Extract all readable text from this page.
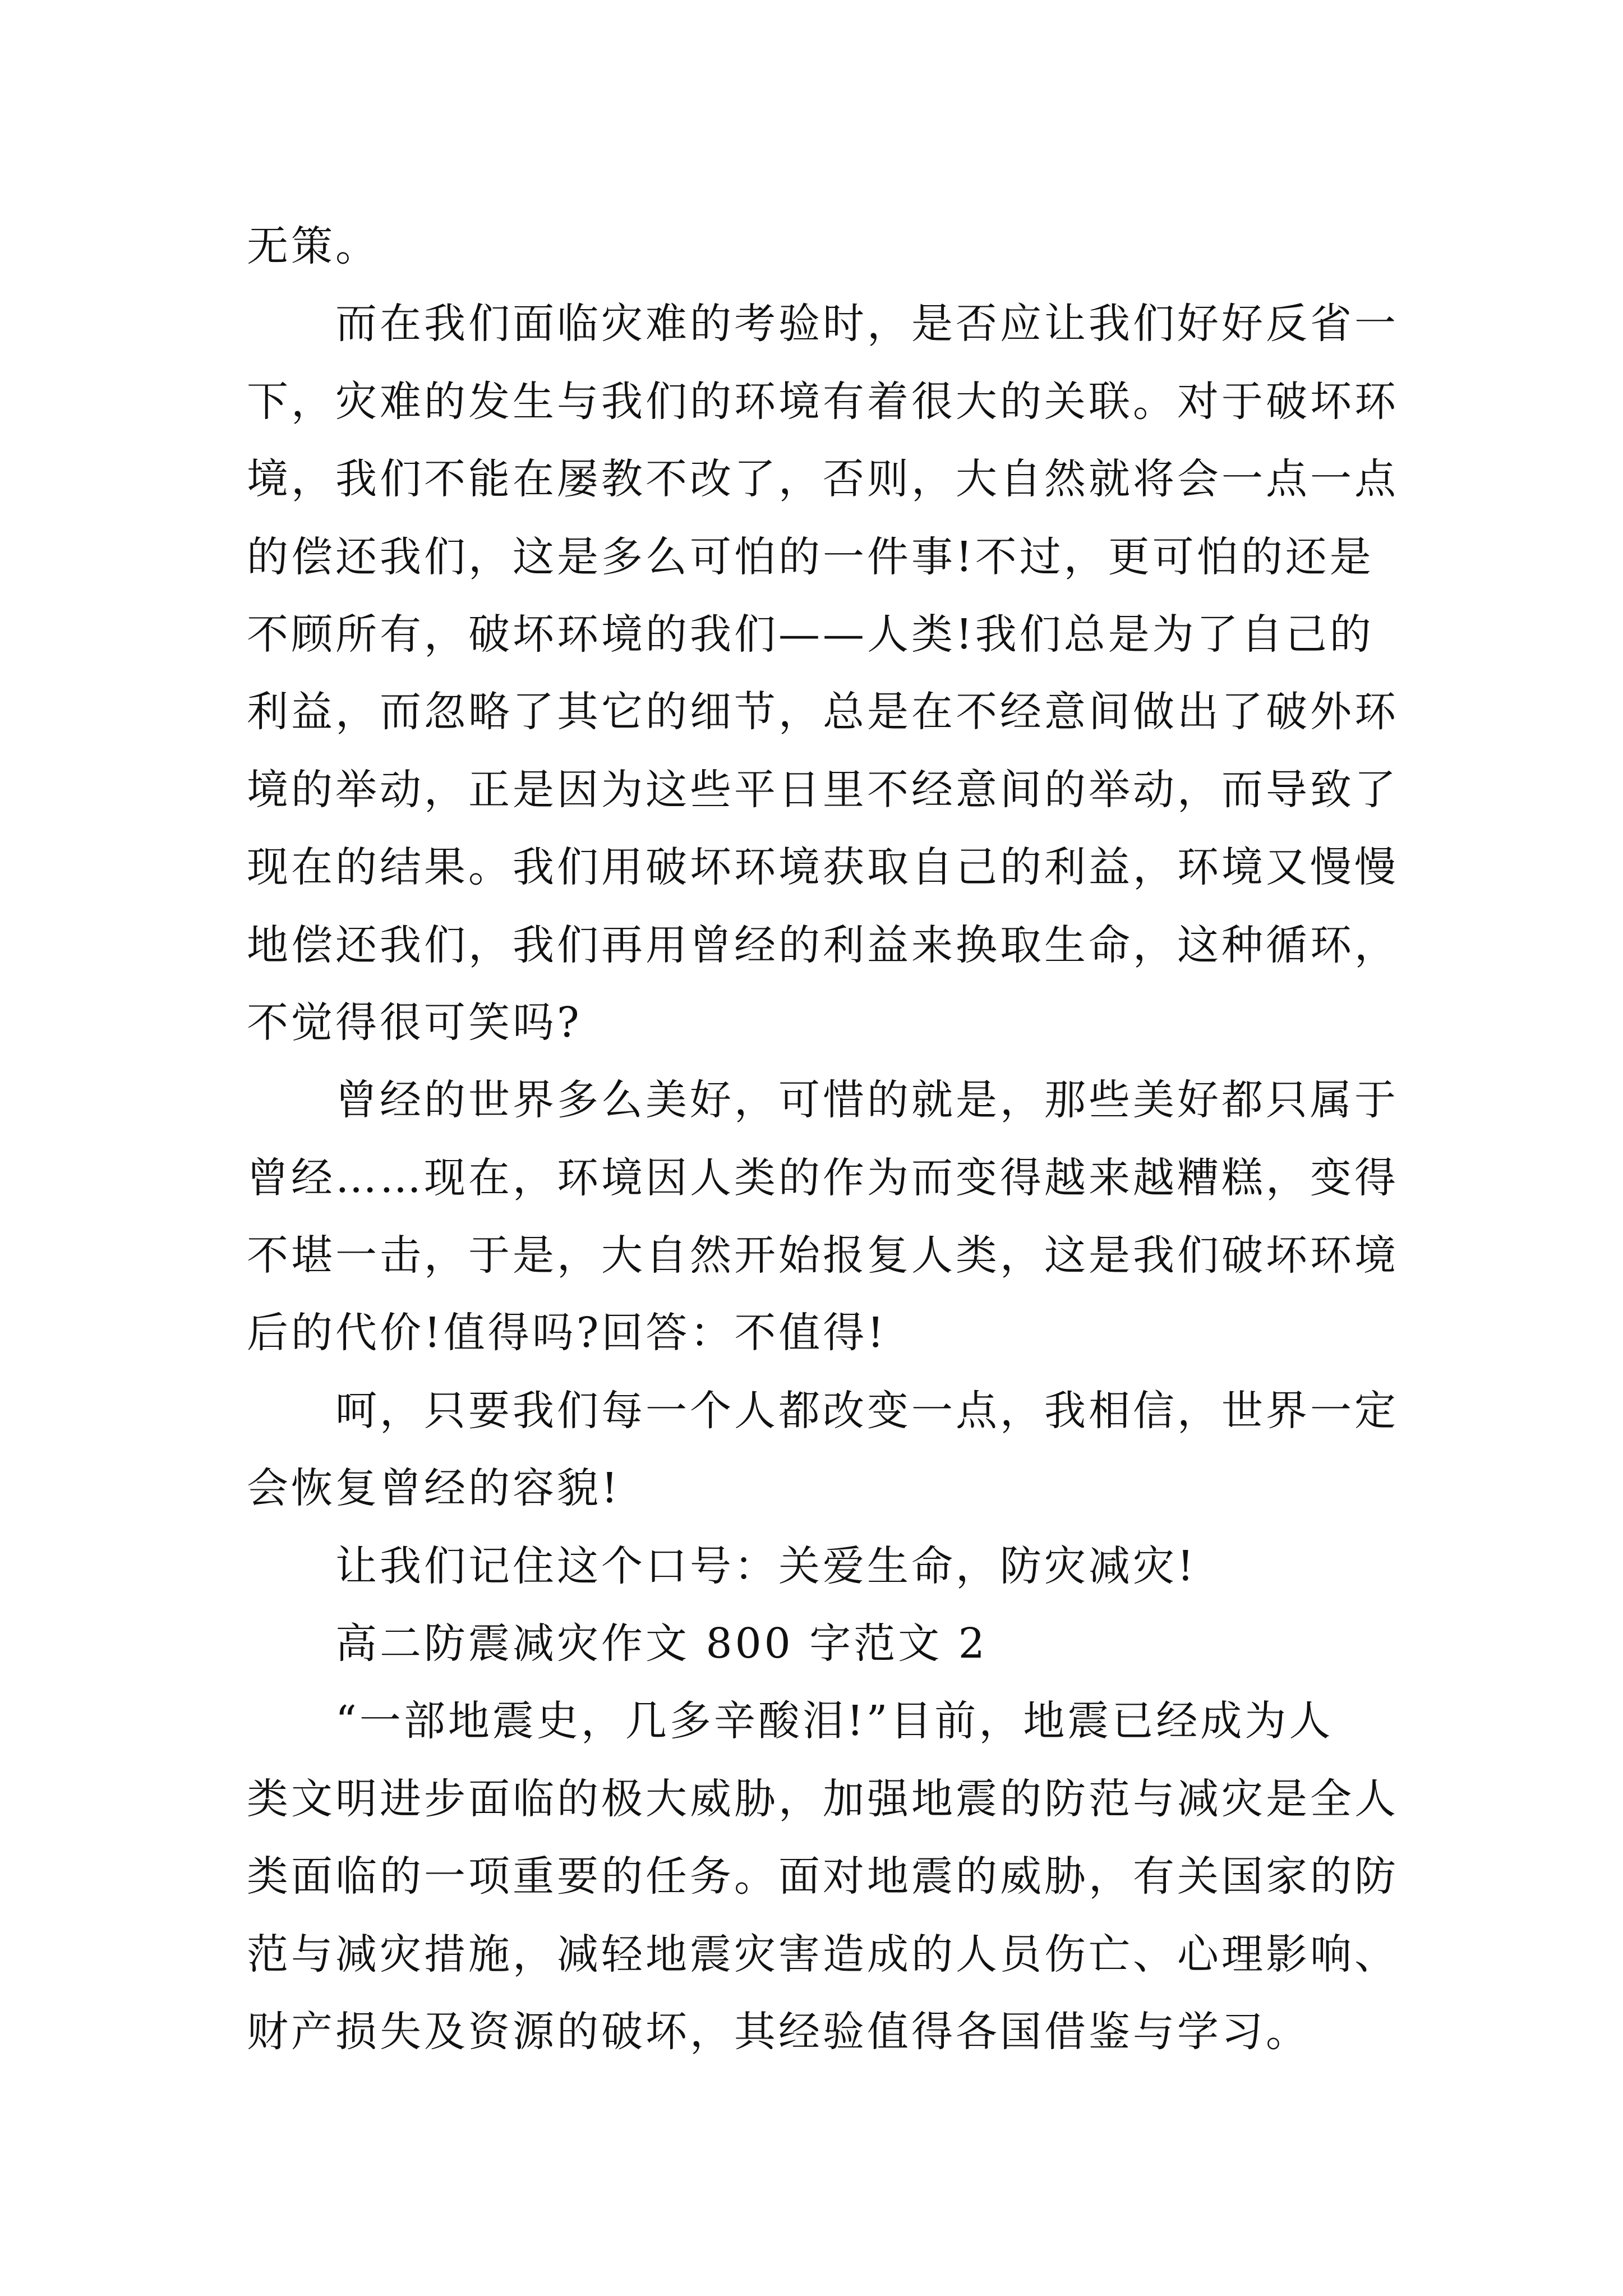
无策。
而在我们面临灾难的考验时，是否应让我们好好反省一
下，灾难的发生与我们的环境有着很大的关联。对于破坏环
境，我们不能在屡教不改了，否则，大自然就将会一点一点
的偿还我们，这是多么可怕的一件事!不过，更可怕的还是
不顾所有，破坏环境的我们——人类!我们总是为了自己的
利益，而忽略了其它的细节，总是在不经意间做出了破外环
境的举动，正是因为这些平日里不经意间的举动，而导致了
现在的结果。我们用破坏环境获取自己的利益，环境又慢慢
地偿还我们，我们再用曾经的利益来换取生命，这种循环，
不觉得很可笑吗?
曾经的世界多么美好，可惜的就是，那些美好都只属于
曾经……现在，环境因人类的作为而变得越来越糟糕，变得
不堪一击，于是，大自然开始报复人类，这是我们破坏环境
后的代价!值得吗?回答：不值得!
呵，只要我们每一个人都改变一点，我相信，世界一定
会恢复曾经的容貌!
让我们记住这个口号：关爱生命，防灾减灾!
高二防震减灾作文 800 字范文 2
“一部地震史，几多辛酸泪!”目前，地震已经成为人
类文明进步面临的极大威胁，加强地震的防范与减灾是全人
类面临的一项重要的任务。面对地震的威胁，有关国家的防
范与减灾措施，减轻地震灾害造成的人员伤亡、心理影响、
财产损失及资源的破坏，其经验值得各国借鉴与学习。
